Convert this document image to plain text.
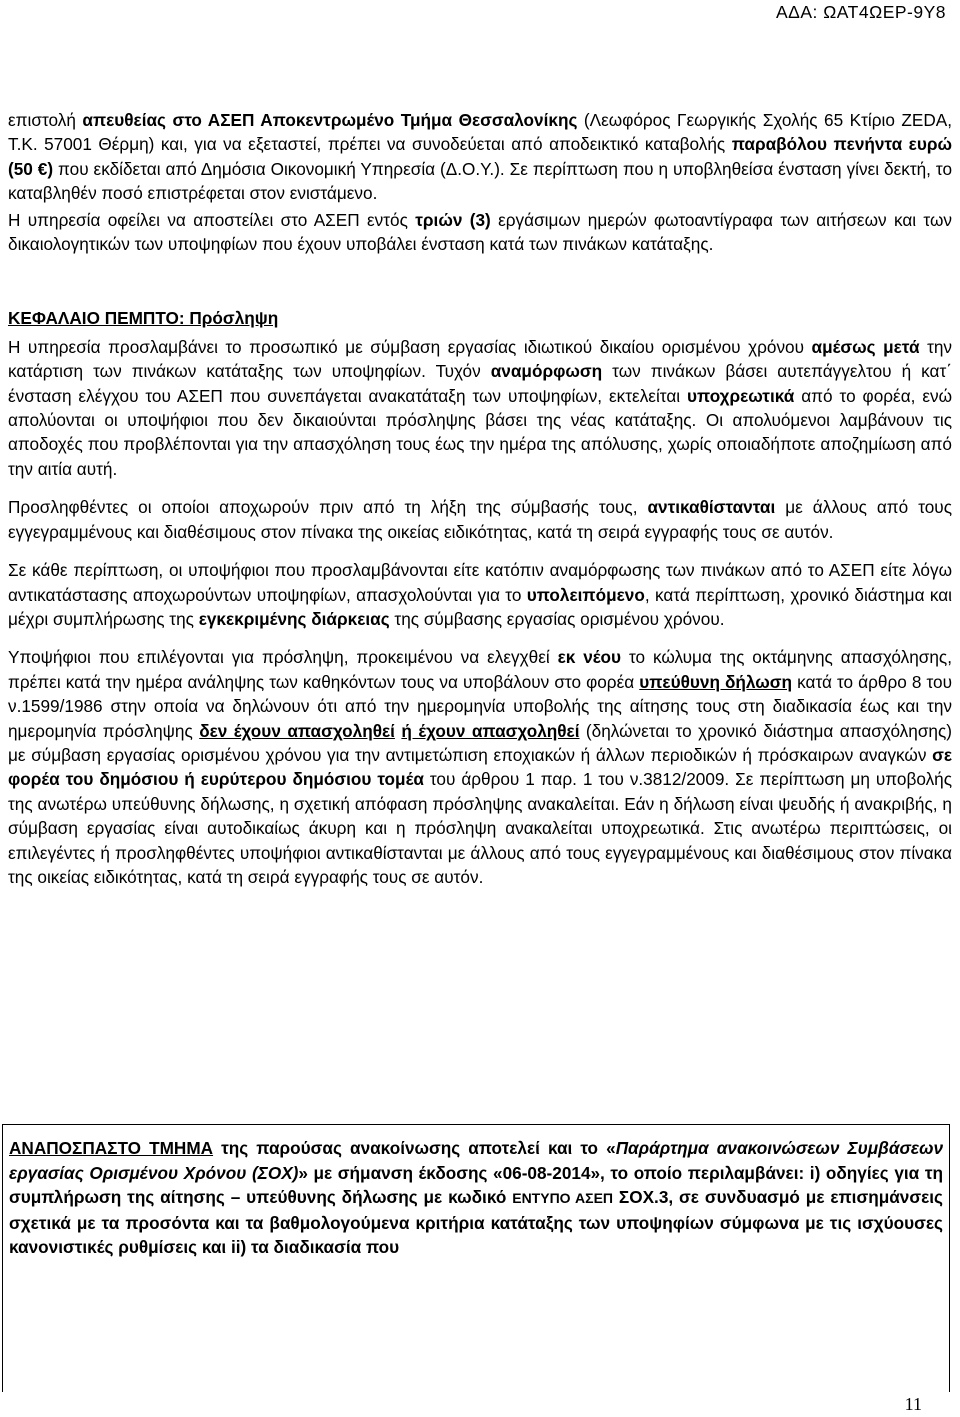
ΑΔΑ: ΩΑΤ4ΩΕΡ-9Υ8

επιστολή απευθείας στο ΑΣΕΠ Αποκεντρωμένο Τμήμα Θεσσαλονίκης (Λεωφόρος Γεωργικής Σχολής 65 Κτίριο ZEDA, Τ.Κ. 57001 Θέρμη) και, για να εξεταστεί, πρέπει να συνοδεύεται από αποδεικτικό καταβολής παραβόλου πενήντα ευρώ (50 €) που εκδίδεται από Δημόσια Οικονομική Υπηρεσία (Δ.Ο.Υ.). Σε περίπτωση που η υποβληθείσα ένσταση γίνει δεκτή, το καταβληθέν ποσό επιστρέφεται στον ενιστάμενο.

Η υπηρεσία οφείλει να αποστείλει στο ΑΣΕΠ εντός τριών (3) εργάσιμων ημερών φωτοαντίγραφα των αιτήσεων και των δικαιολογητικών των υποψηφίων που έχουν υποβάλει ένσταση κατά των πινάκων κατάταξης.

ΚΕΦΑΛΑΙΟ ΠΕΜΠΤΟ: Πρόσληψη

Η υπηρεσία προσλαμβάνει το προσωπικό με σύμβαση εργασίας ιδιωτικού δικαίου ορισμένου χρόνου αμέσως μετά την κατάρτιση των πινάκων κατάταξης των υποψηφίων. Τυχόν αναμόρφωση των πινάκων βάσει αυτεπάγγελτου ή κατ΄ ένσταση ελέγχου του ΑΣΕΠ που συνεπάγεται ανακατάταξη των υποψηφίων, εκτελείται υποχρεωτικά από το φορέα, ενώ απολύονται οι υποψήφιοι που δεν δικαιούνται πρόσληψης βάσει της νέας κατάταξης. Οι απολυόμενοι λαμβάνουν τις αποδοχές που προβλέπονται για την απασχόληση τους έως την ημέρα της απόλυσης, χωρίς οποιαδήποτε αποζημίωση από την αιτία αυτή.

Προσληφθέντες οι οποίοι αποχωρούν πριν από τη λήξη της σύμβασής τους, αντικαθίστανται με άλλους από τους εγγεγραμμένους και διαθέσιμους στον πίνακα της οικείας ειδικότητας, κατά τη σειρά εγγραφής τους σε αυτόν.

Σε κάθε περίπτωση, οι υποψήφιοι που προσλαμβάνονται είτε κατόπιν αναμόρφωσης των πινάκων από το ΑΣΕΠ είτε λόγω αντικατάστασης αποχωρούντων υποψηφίων, απασχολούνται για το υπολειπόμενο, κατά περίπτωση, χρονικό διάστημα και μέχρι συμπλήρωσης της εγκεκριμένης διάρκειας της σύμβασης εργασίας ορισμένου χρόνου.

Υποψήφιοι που επιλέγονται για πρόσληψη, προκειμένου να ελεγχθεί εκ νέου το κώλυμα της οκτάμηνης απασχόλησης, πρέπει κατά την ημέρα ανάληψης των καθηκόντων τους να υποβάλουν στο φορέα υπεύθυνη δήλωση κατά το άρθρο 8 του ν.1599/1986 στην οποία να δηλώνουν ότι από την ημερομηνία υποβολής της αίτησης τους στη διαδικασία έως και την ημερομηνία πρόσληψης δεν έχουν απασχοληθεί ή έχουν απασχοληθεί (δηλώνεται το χρονικό διάστημα απασχόλησης) με σύμβαση εργασίας ορισμένου χρόνου για την αντιμετώπιση εποχιακών ή άλλων περιοδικών ή πρόσκαιρων αναγκών σε φορέα του δημόσιου ή ευρύτερου δημόσιου τομέα του άρθρου 1 παρ. 1 του ν.3812/2009. Σε περίπτωση μη υποβολής της ανωτέρω υπεύθυνης δήλωσης, η σχετική απόφαση πρόσληψης ανακαλείται. Εάν η δήλωση είναι ψευδής ή ανακριβής, η σύμβαση εργασίας είναι αυτοδικαίως άκυρη και η πρόσληψη ανακαλείται υποχρεωτικά. Στις ανωτέρω περιπτώσεις, οι επιλεγέντες ή προσληφθέντες υποψήφιοι αντικαθίστανται με άλλους από τους εγγεγραμμένους και διαθέσιμους στον πίνακα της οικείας ειδικότητας, κατά τη σειρά εγγραφής τους σε αυτόν.

ΑΝΑΠΟΣΠΑΣΤΟ ΤΜΗΜΑ της παρούσας ανακοίνωσης αποτελεί και το «Παράρτημα ανακοινώσεων Συμβάσεων εργασίας Ορισμένου Χρόνου (ΣΟΧ)» με σήμανση έκδοσης «06-08-2014», το οποίο περιλαμβάνει: i) οδηγίες για τη συμπλήρωση της αίτησης – υπεύθυνης δήλωσης με κωδικό ΕΝΤΥΠΟ ΑΣΕΠ ΣΟΧ.3, σε συνδυασμό με επισημάνσεις σχετικά με τα προσόντα και τα βαθμολογούμενα κριτήρια κατάταξης των υποψηφίων σύμφωνα με τις ισχύουσες κανονιστικές ρυθμίσεις και ii) τα διαδικασία που
11
